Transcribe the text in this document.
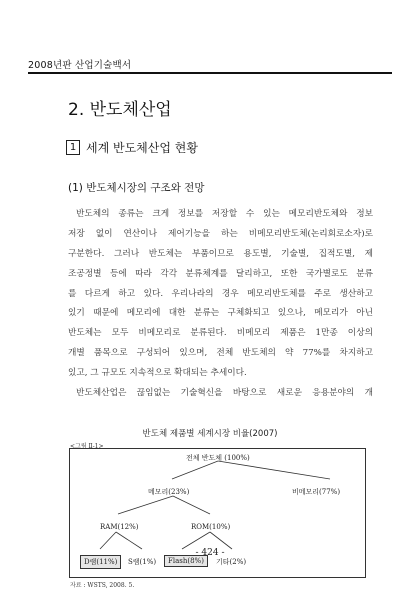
2008년판 산업기술백서
2. 반도체산업
1 세계 반도체산업 현황
(1) 반도체시장의 구조와 전망
반도체의 종류는 크게 정보를 저장할 수 있는 메모리반도체와 정보
저장 없이 연산이나 제어기능을 하는 비메모리반도체(논리회로소자)로
구분한다. 그러나 반도체는 부품이므로 용도별, 기술별, 집적도별, 제
조공정별 등에 따라 각각 분류체계를 달리하고, 또한 국가별로도 분류
를 다르게 하고 있다. 우리나라의 경우 메모리반도체를 주로 생산하고
있기 때문에 메모리에 대한 분류는 구체화되고 있으나, 메모리가 아닌
반도체는 모두 비메모리로 분류된다. 비메모리 제품은 1만종 이상의
개별 품목으로 구성되어 있으며, 전체 반도체의 약 77%를 차지하고
있고, 그 규모도 지속적으로 확대되는 추세이다.
반도체산업은 끊임없는 기술혁신을 바탕으로 새로운 응용분야의 개
반도체 제품별 세계시장 비율(2007)
<그림 Ⅱ-1>
전체 반도체 (100%)
메모리(23%)	비메모리(77%)
RAM(12%)	ROM(10%)
D램(11%)	S램(1%)	Flash(8%)	기타(2%)
자료 : WSTS, 2008. 5.
- 424 -
